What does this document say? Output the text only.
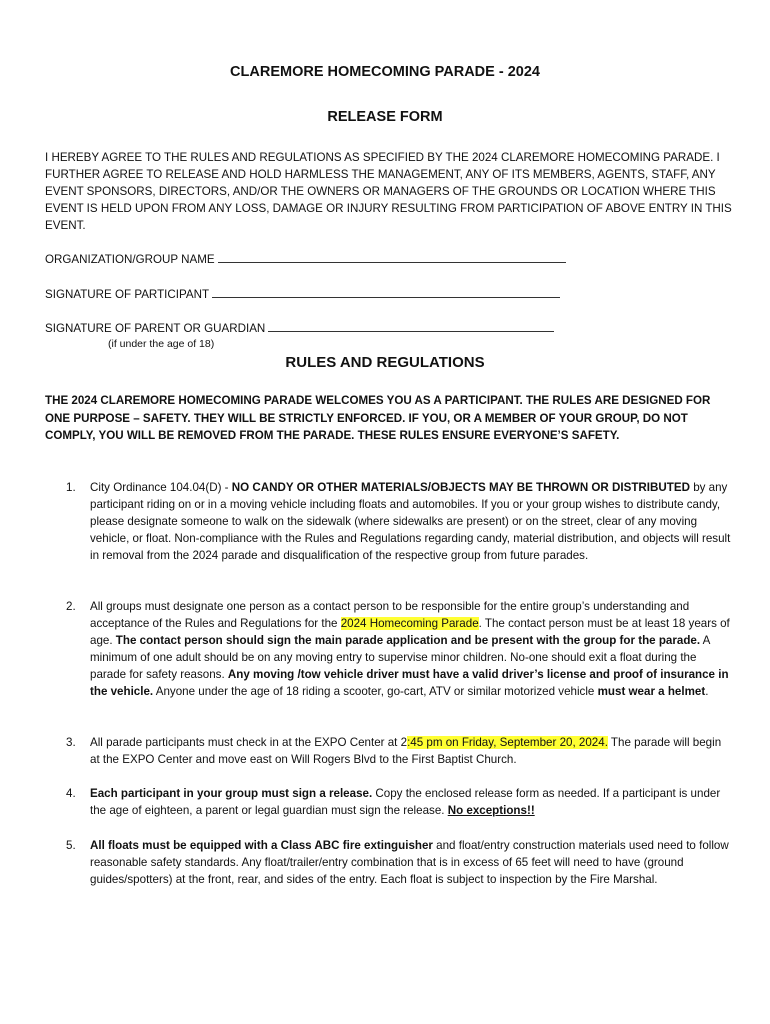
CLAREMORE HOMECOMING PARADE - 2024
RELEASE FORM
I HEREBY AGREE TO THE RULES AND REGULATIONS AS SPECIFIED BY THE 2024 CLAREMORE HOMECOMING PARADE. I FURTHER AGREE TO RELEASE AND HOLD HARMLESS THE MANAGEMENT, ANY OF ITS MEMBERS, AGENTS, STAFF, ANY EVENT SPONSORS, DIRECTORS, AND/OR THE OWNERS OR MANAGERS OF THE GROUNDS OR LOCATION WHERE THIS EVENT IS HELD UPON FROM ANY LOSS, DAMAGE OR INJURY RESULTING FROM PARTICIPATION OF ABOVE ENTRY IN THIS EVENT.
ORGANIZATION/GROUP NAME
SIGNATURE OF PARTICIPANT
SIGNATURE OF PARENT OR GUARDIAN
(if under the age of 18)
RULES AND REGULATIONS
THE 2024 CLAREMORE HOMECOMING PARADE WELCOMES YOU AS A PARTICIPANT. THE RULES ARE DESIGNED FOR ONE PURPOSE – SAFETY. THEY WILL BE STRICTLY ENFORCED. IF YOU, OR A MEMBER OF YOUR GROUP, DO NOT COMPLY, YOU WILL BE REMOVED FROM THE PARADE. THESE RULES ENSURE EVERYONE’S SAFETY.
1.	City Ordinance 104.04(D) - NO CANDY OR OTHER MATERIALS/OBJECTS MAY BE THROWN OR DISTRIBUTED by any participant riding on or in a moving vehicle including floats and automobiles. If you or your group wishes to distribute candy, please designate someone to walk on the sidewalk (where sidewalks are present) or on the street, clear of any moving vehicle, or float. Non-compliance with the Rules and Regulations regarding candy, material distribution, and objects will result in removal from the 2024 parade and disqualification of the respective group from future parades.
2.	All groups must designate one person as a contact person to be responsible for the entire group’s understanding and acceptance of the Rules and Regulations for the 2024 Homecoming Parade. The contact person must be at least 18 years of age. The contact person should sign the main parade application and be present with the group for the parade. A minimum of one adult should be on any moving entry to supervise minor children. No-one should exit a float during the parade for safety reasons. Any moving /tow vehicle driver must have a valid driver’s license and proof of insurance in the vehicle. Anyone under the age of 18 riding a scooter, go-cart, ATV or similar motorized vehicle must wear a helmet.
3.	All parade participants must check in at the EXPO Center at 2:45 pm on Friday, September 20, 2024. The parade will begin at the EXPO Center and move east on Will Rogers Blvd to the First Baptist Church.
4.	Each participant in your group must sign a release. Copy the enclosed release form as needed. If a participant is under the age of eighteen, a parent or legal guardian must sign the release. No exceptions!!
5.	All floats must be equipped with a Class ABC fire extinguisher and float/entry construction materials used need to follow reasonable safety standards. Any float/trailer/entry combination that is in excess of 65 feet will need to have (ground guides/spotters) at the front, rear, and sides of the entry. Each float is subject to inspection by the Fire Marshal.
